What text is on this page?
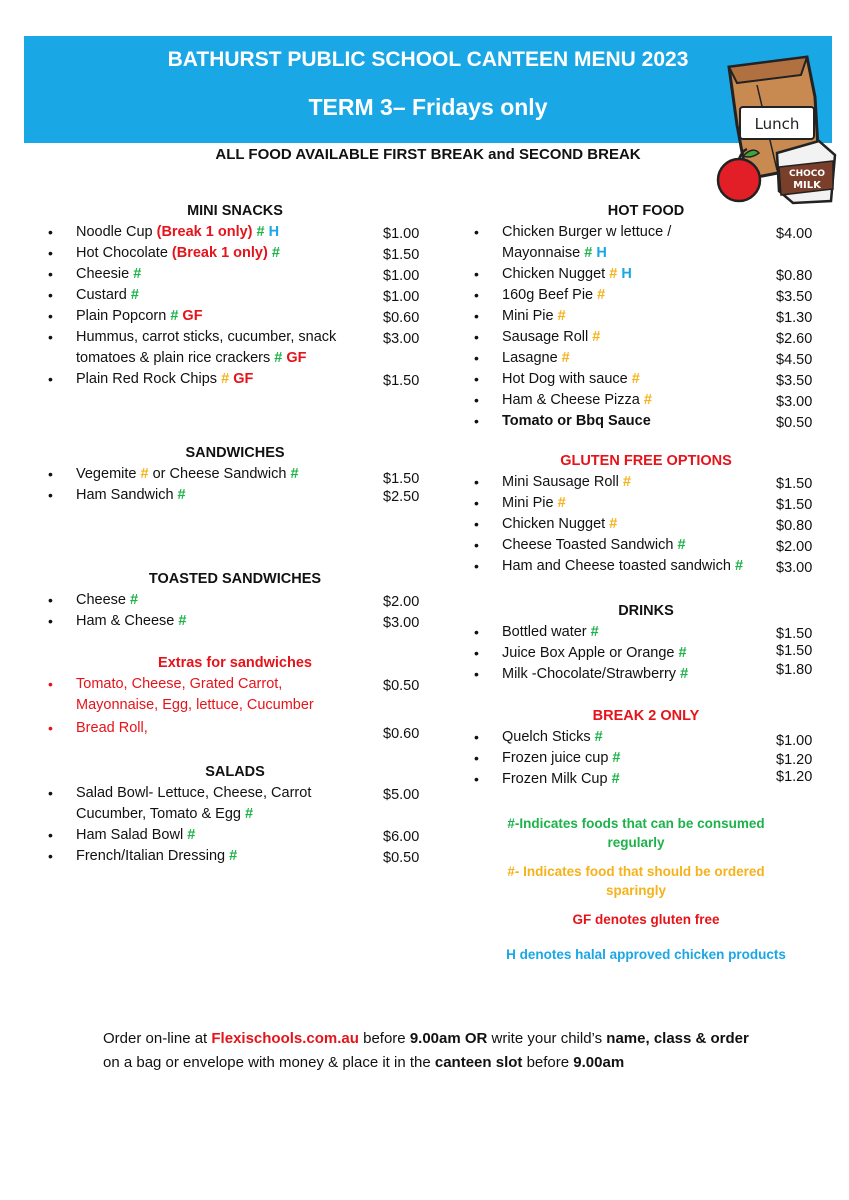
BATHURST PUBLIC SCHOOL CANTEEN MENU 2023
TERM 3– Fridays only
ALL FOOD AVAILABLE FIRST BREAK and SECOND BREAK
Lunch
CHOCO
MILK
MINI SNACKS
• Noodle Cup (Break 1 only) # H	$1.00
• Hot Chocolate (Break 1 only) #	$1.50
• Cheesie #	$1.00
• Custard #	$1.00
• Plain Popcorn # GF	$0.60
• Hummus, carrot sticks, cucumber, snack tomatoes & plain rice crackers # GF
$3.00
• Plain Red Rock Chips # GF	$1.50
SANDWICHES
• Vegemite # or Cheese Sandwich #	$1.50
• Ham Sandwich #	$2.50
TOASTED SANDWICHES
• Cheese #	$2.00
• Ham & Cheese #	$3.00
Extras for sandwiches
• Tomato, Cheese, Grated Carrot, Mayonnaise, Egg, lettuce, Cucumber
$0.50
• Bread Roll,	$0.60
SALADS
• Salad Bowl- Lettuce, Cheese, Carrot Cucumber, Tomato & Egg #
$5.00
• Ham Salad Bowl #	$6.00
• French/Italian Dressing #	$0.50
HOT FOOD
• Chicken Burger w lettuce / Mayonnaise # H
$4.00
• Chicken Nugget # H	$0.80
• 160g Beef Pie #	$3.50
• Mini Pie #	$1.30
• Sausage Roll #	$2.60
• Lasagne #	$4.50
• Hot Dog with sauce #	$3.50
• Ham & Cheese Pizza #	$3.00
• Tomato or Bbq Sauce	$0.50
GLUTEN FREE OPTIONS
• Mini Sausage Roll #	$1.50
• Mini Pie #	$1.50
• Chicken Nugget #	$0.80
• Cheese Toasted Sandwich #	$2.00
• Ham and Cheese toasted sandwich #	$3.00
DRINKS
• Bottled water #	$1.50
• Juice Box Apple or Orange #	$1.50
• Milk -Chocolate/Strawberry #	$1.80
BREAK 2 ONLY
• Quelch Sticks #	$1.00
• Frozen juice cup #	$1.20
• Frozen Milk Cup #	$1.20
#-Indicates foods that can be consumed regularly
#- Indicates food that should be ordered sparingly
GF denotes gluten free
H denotes halal approved chicken products
Order on-line at Flexischools.com.au before 9.00am OR write your child’s name, class & order on a bag or envelope with money & place it in the canteen slot before 9.00am
